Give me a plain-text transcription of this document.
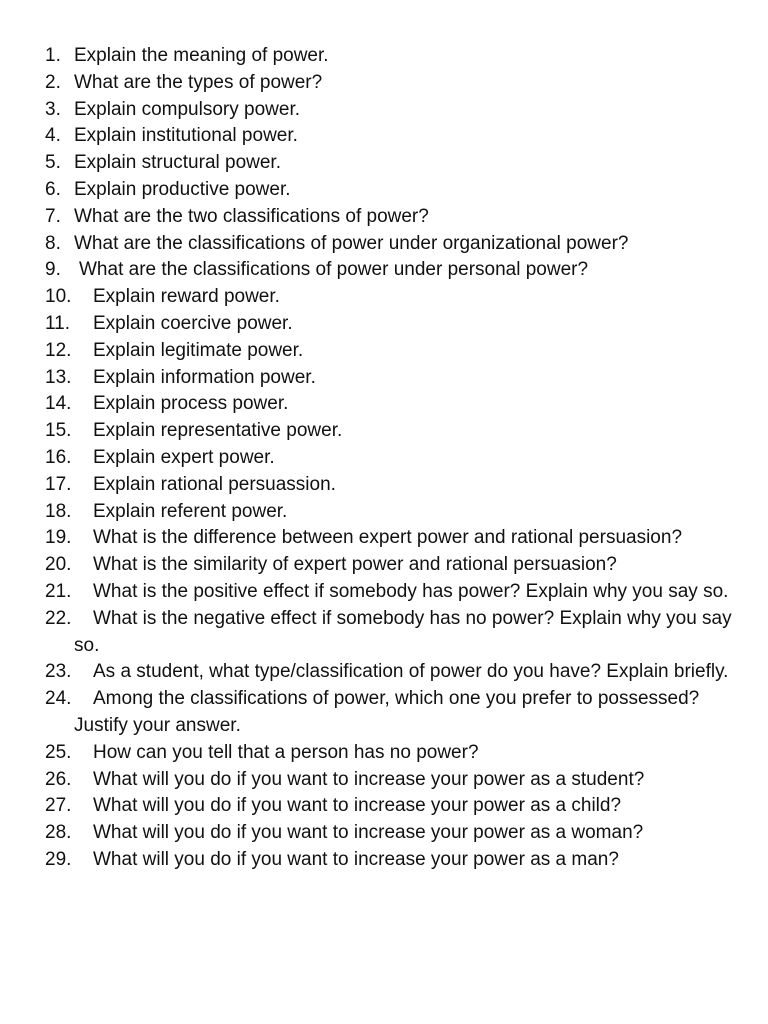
1. Explain the meaning of power.
2. What are the types of power?
3. Explain compulsory power.
4. Explain institutional power.
5. Explain structural power.
6. Explain productive power.
7. What are the two classifications of power?
8. What are the classifications of power under organizational power?
9. What are the classifications of power under personal power?
10. Explain reward power.
11. Explain coercive power.
12. Explain legitimate power.
13. Explain information power.
14. Explain process power.
15. Explain representative power.
16. Explain expert power.
17. Explain rational persuassion.
18. Explain referent power.
19. What is the difference between expert power and rational persuasion?
20. What is the similarity of expert power and rational persuasion?
21. What is the positive effect if somebody has power? Explain why you say so.
22. What is the negative effect if somebody has no power? Explain why you say so.
23. As a student, what type/classification of power do you have? Explain briefly.
24. Among the classifications of power, which one you prefer to possessed? Justify your answer.
25. How can you tell that a person has no power?
26. What will you do if you want to increase your power as a student?
27. What will you do if you want to increase your power as a child?
28. What will you do if you want to increase your power as a woman?
29. What will you do if you want to increase your power as a man?
